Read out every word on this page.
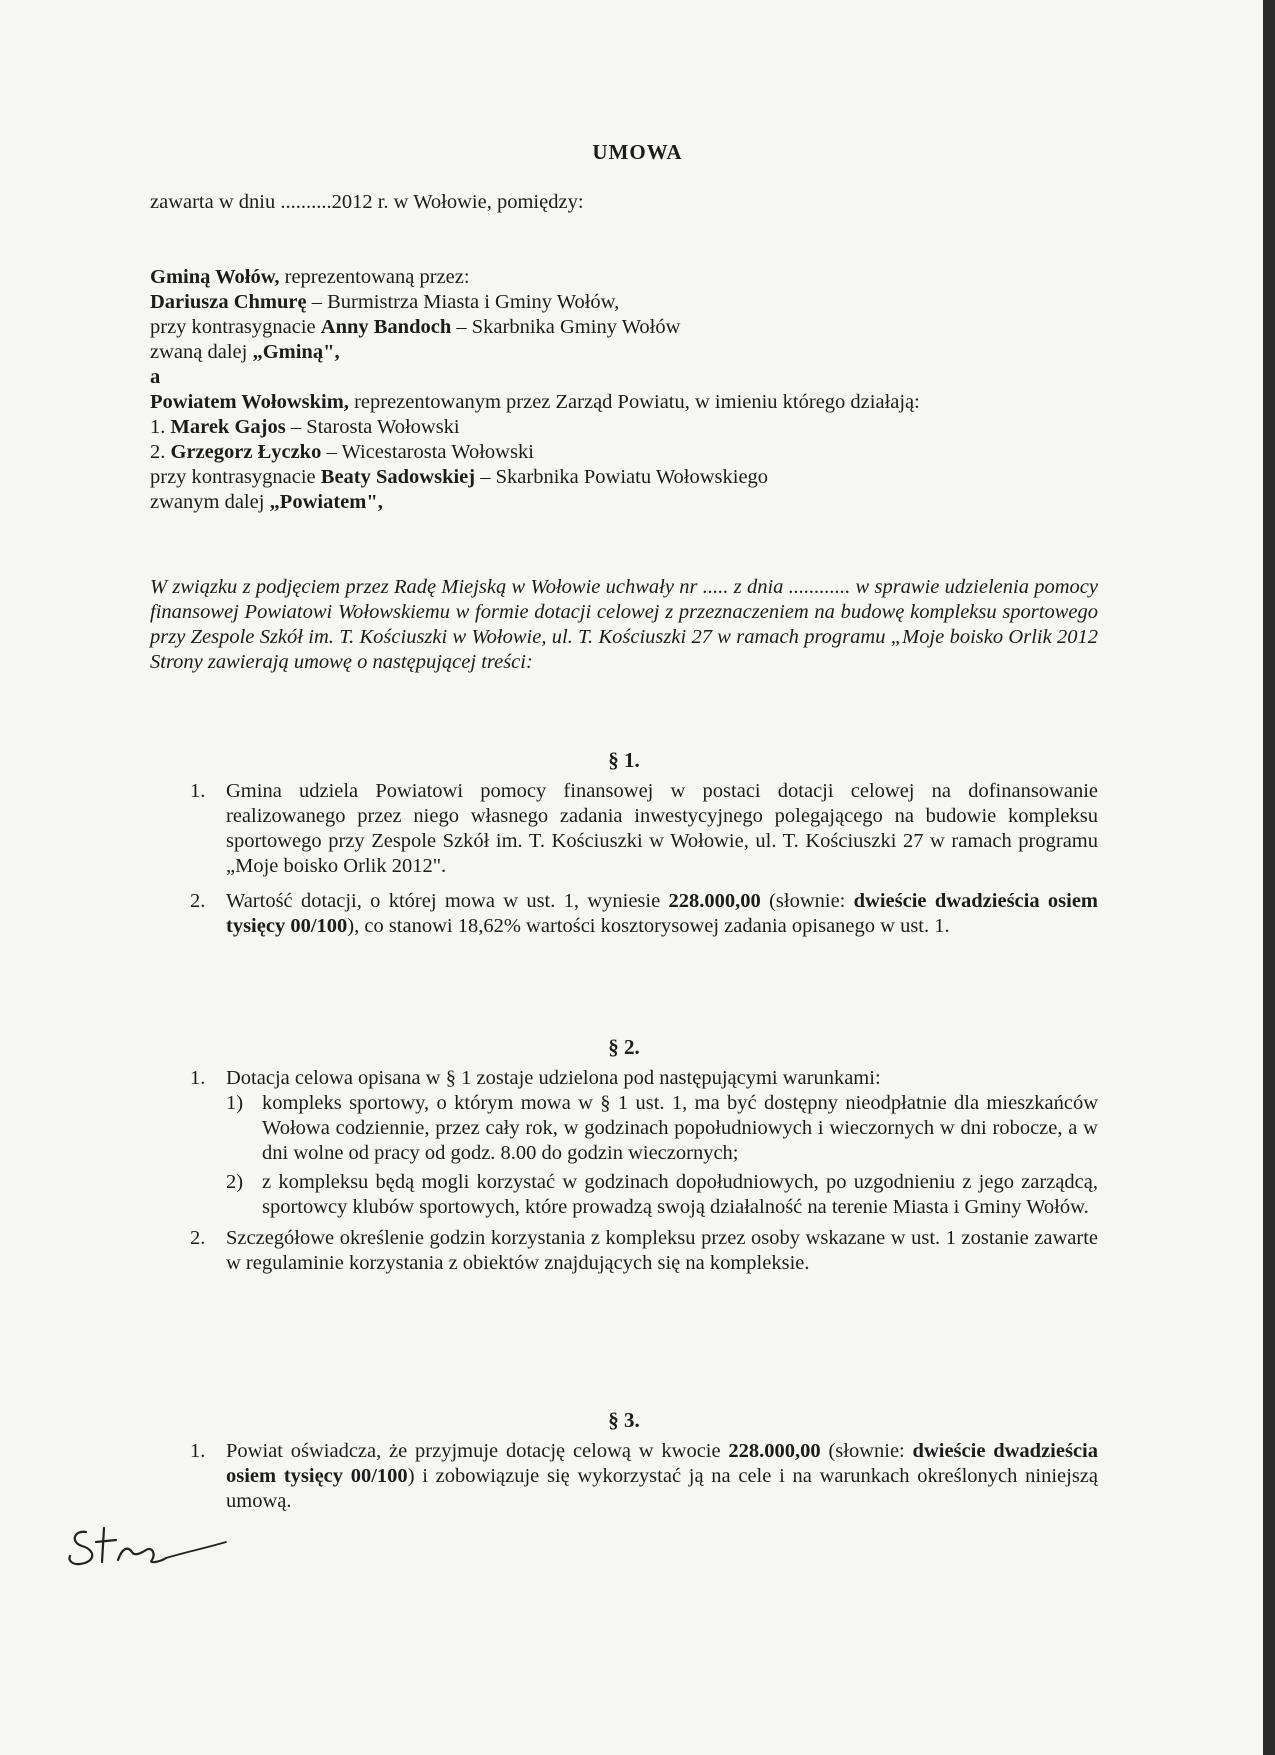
UMOWA
zawarta w dniu ..........2012 r. w Wołowie, pomiędzy:
Gminą Wołów, reprezentowaną przez:
Dariusza Chmurę – Burmistrza Miasta i Gminy Wołów,
przy kontrasygnacie Anny Bandoch – Skarbnika Gminy Wołów
zwaną dalej „Gminą",
a
Powiatem Wołowskim, reprezentowanym przez Zarząd Powiatu, w imieniu którego działają:
1. Marek Gajos – Starosta Wołowski
2. Grzegorz Łyczko – Wicestarosta Wołowski
przy kontrasygnacie Beaty Sadowskiej – Skarbnika Powiatu Wołowskiego
zwanym dalej „Powiatem",
W związku z podjęciem przez Radę Miejską w Wołowie uchwały nr ..... z dnia ............ w sprawie udzielenia pomocy finansowej Powiatowi Wołowskiemu w formie dotacji celowej z przeznaczeniem na budowę kompleksu sportowego przy Zespole Szkół im. T. Kościuszki w Wołowie, ul. T. Kościuszki 27 w ramach programu „Moje boisko Orlik 2012 Strony zawierają umowę o następującej treści:
§ 1.
1. Gmina udziela Powiatowi pomocy finansowej w postaci dotacji celowej na dofinansowanie realizowanego przez niego własnego zadania inwestycyjnego polegającego na budowie kompleksu sportowego przy Zespole Szkół im. T. Kościuszki w Wołowie, ul. T. Kościuszki 27 w ramach programu „Moje boisko Orlik 2012".
2. Wartość dotacji, o której mowa w ust. 1, wyniesie 228.000,00 (słownie: dwieście dwadzieścia osiem tysięcy 00/100), co stanowi 18,62% wartości kosztorysowej zadania opisanego w ust. 1.
§ 2.
1. Dotacja celowa opisana w § 1 zostaje udzielona pod następującymi warunkami:
1) kompleks sportowy, o którym mowa w § 1 ust. 1, ma być dostępny nieodpłatnie dla mieszkańców Wołowa codziennie, przez cały rok, w godzinach popołudniowych i wieczornych w dni robocze, a w dni wolne od pracy od godz. 8.00 do godzin wieczornych;
2) z kompleksu będą mogli korzystać w godzinach dopołudniowych, po uzgodnieniu z jego zarządcą, sportowcy klubów sportowych, które prowadzą swoją działalność na terenie Miasta i Gminy Wołów.
2. Szczegółowe określenie godzin korzystania z kompleksu przez osoby wskazane w ust. 1 zostanie zawarte w regulaminie korzystania z obiektów znajdujących się na kompleksie.
§ 3.
1. Powiat oświadcza, że przyjmuje dotację celową w kwocie 228.000,00 (słownie: dwieście dwadzieścia osiem tysięcy 00/100) i zobowiązuje się wykorzystać ją na cele i na warunkach określonych niniejszą umową.
